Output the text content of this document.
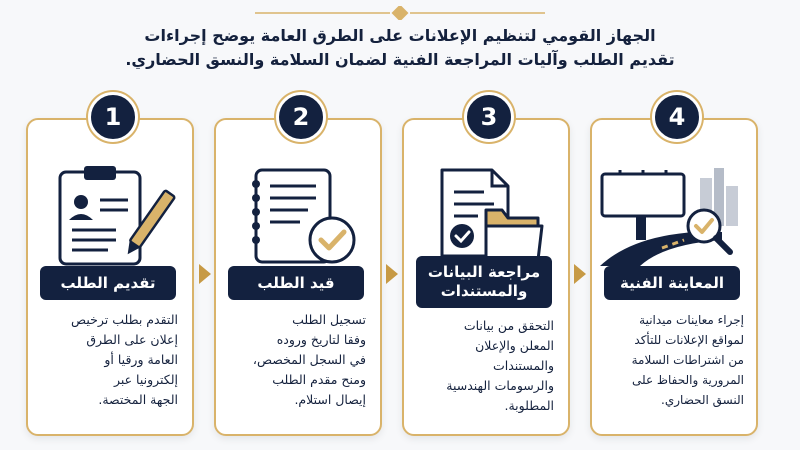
الجهاز القومي لتنظيم الإعلانات على الطرق العامة يوضح إجراءات
تقديم الطلب وآليات المراجعة الفنية لضمان السلامة والنسق الحضاري.
1
تقديم الطلب
التقدم بطلب ترخيص
إعلان على الطرق
العامة ورقيا أو
إلكترونيا عبر
الجهة المختصة.
2
قيد الطلب
تسجيل الطلب
وفقا لتاريخ وروده
في السجل المخصص،
ومنح مقدم الطلب
إيصال استلام.
3
مراجعة البيانات
والمستندات
التحقق من بيانات
المعلن والإعلان
والمستندات
والرسومات الهندسية
المطلوبة.
4
المعاينة الفنية
إجراء معاينات ميدانية
لمواقع الإعلانات للتأكد
من اشتراطات السلامة
المرورية والحفاظ على
النسق الحضاري.
